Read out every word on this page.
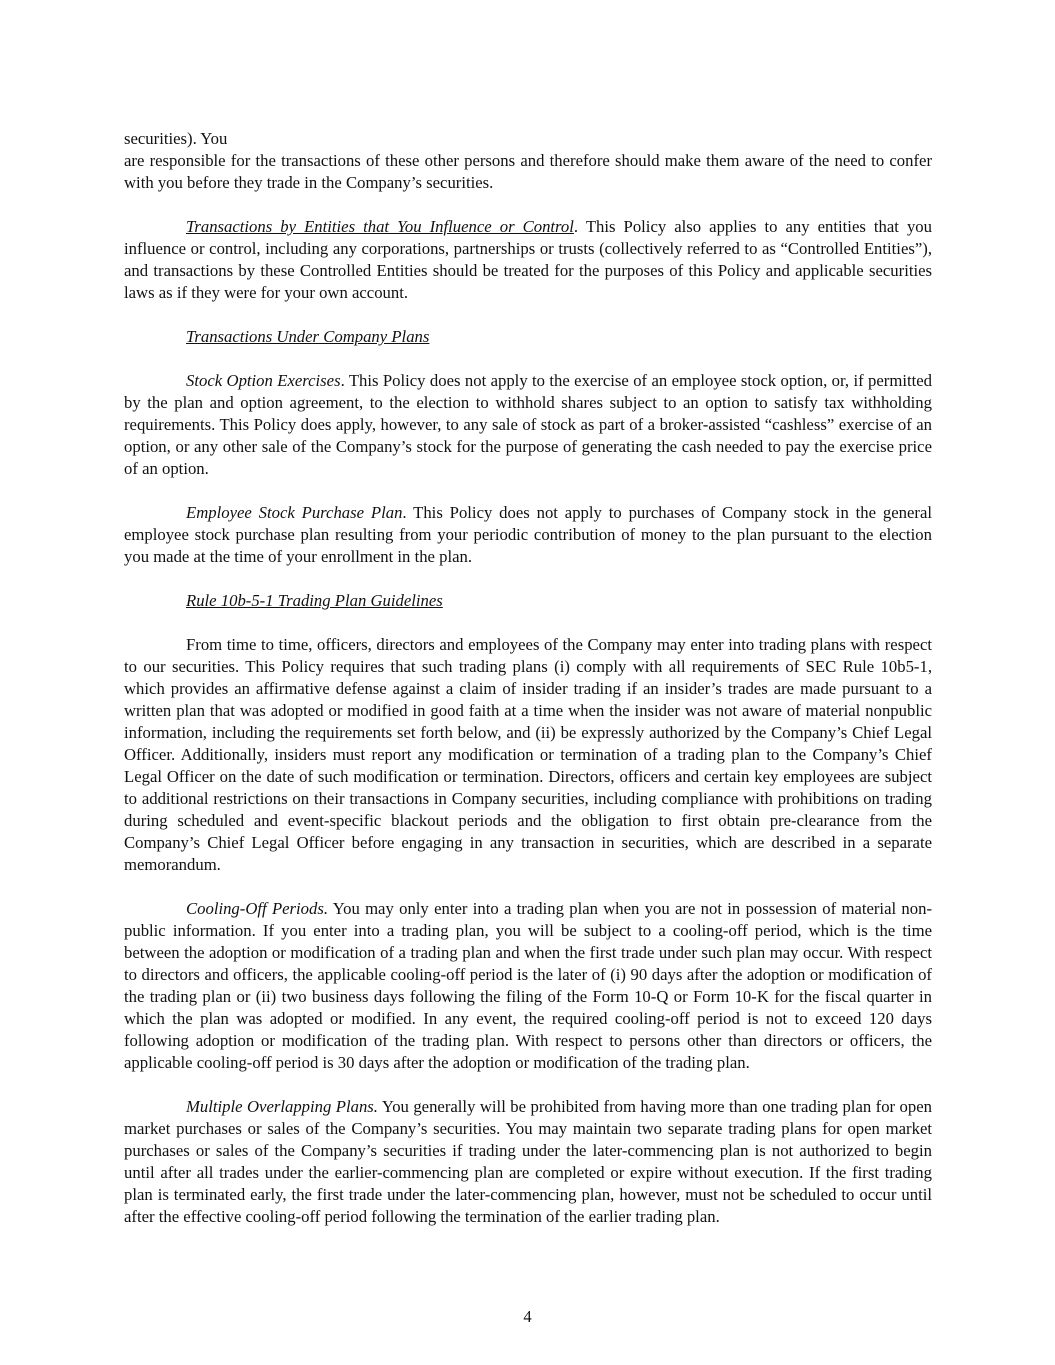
securities). You

are responsible for the transactions of these other persons and therefore should make them aware of the need to confer with you before they trade in the Company’s securities.

Transactions by Entities that You Influence or Control. This Policy also applies to any entities that you influence or control, including any corporations, partnerships or trusts (collectively referred to as “Controlled Entities”), and transactions by these Controlled Entities should be treated for the purposes of this Policy and applicable securities laws as if they were for your own account.

Transactions Under Company Plans

Stock Option Exercises. This Policy does not apply to the exercise of an employee stock option, or, if permitted by the plan and option agreement, to the election to withhold shares subject to an option to satisfy tax withholding requirements. This Policy does apply, however, to any sale of stock as part of a broker-assisted “cashless” exercise of an option, or any other sale of the Company’s stock for the purpose of generating the cash needed to pay the exercise price of an option.

Employee Stock Purchase Plan. This Policy does not apply to purchases of Company stock in the general employee stock purchase plan resulting from your periodic contribution of money to the plan pursuant to the election you made at the time of your enrollment in the plan.

Rule 10b-5-1 Trading Plan Guidelines

From time to time, officers, directors and employees of the Company may enter into trading plans with respect to our securities. This Policy requires that such trading plans (i) comply with all requirements of SEC Rule 10b5-1, which provides an affirmative defense against a claim of insider trading if an insider’s trades are made pursuant to a written plan that was adopted or modified in good faith at a time when the insider was not aware of material nonpublic information, including the requirements set forth below, and (ii) be expressly authorized by the Company’s Chief Legal Officer. Additionally, insiders must report any modification or termination of a trading plan to the Company’s Chief Legal Officer on the date of such modification or termination. Directors, officers and certain key employees are subject to additional restrictions on their transactions in Company securities, including compliance with prohibitions on trading during scheduled and event-specific blackout periods and the obligation to first obtain pre-clearance from the Company’s Chief Legal Officer before engaging in any transaction in securities, which are described in a separate memorandum.

Cooling-Off Periods. You may only enter into a trading plan when you are not in possession of material non-public information. If you enter into a trading plan, you will be subject to a cooling-off period, which is the time between the adoption or modification of a trading plan and when the first trade under such plan may occur. With respect to directors and officers, the applicable cooling-off period is the later of (i) 90 days after the adoption or modification of the trading plan or (ii) two business days following the filing of the Form 10-Q or Form 10-K for the fiscal quarter in which the plan was adopted or modified. In any event, the required cooling-off period is not to exceed 120 days following adoption or modification of the trading plan. With respect to persons other than directors or officers, the applicable cooling-off period is 30 days after the adoption or modification of the trading plan.

Multiple Overlapping Plans. You generally will be prohibited from having more than one trading plan for open market purchases or sales of the Company’s securities. You may maintain two separate trading plans for open market purchases or sales of the Company’s securities if trading under the later-commencing plan is not authorized to begin until after all trades under the earlier-commencing plan are completed or expire without execution. If the first trading plan is terminated early, the first trade under the later-commencing plan, however, must not be scheduled to occur until after the effective cooling-off period following the termination of the earlier trading plan.

4
